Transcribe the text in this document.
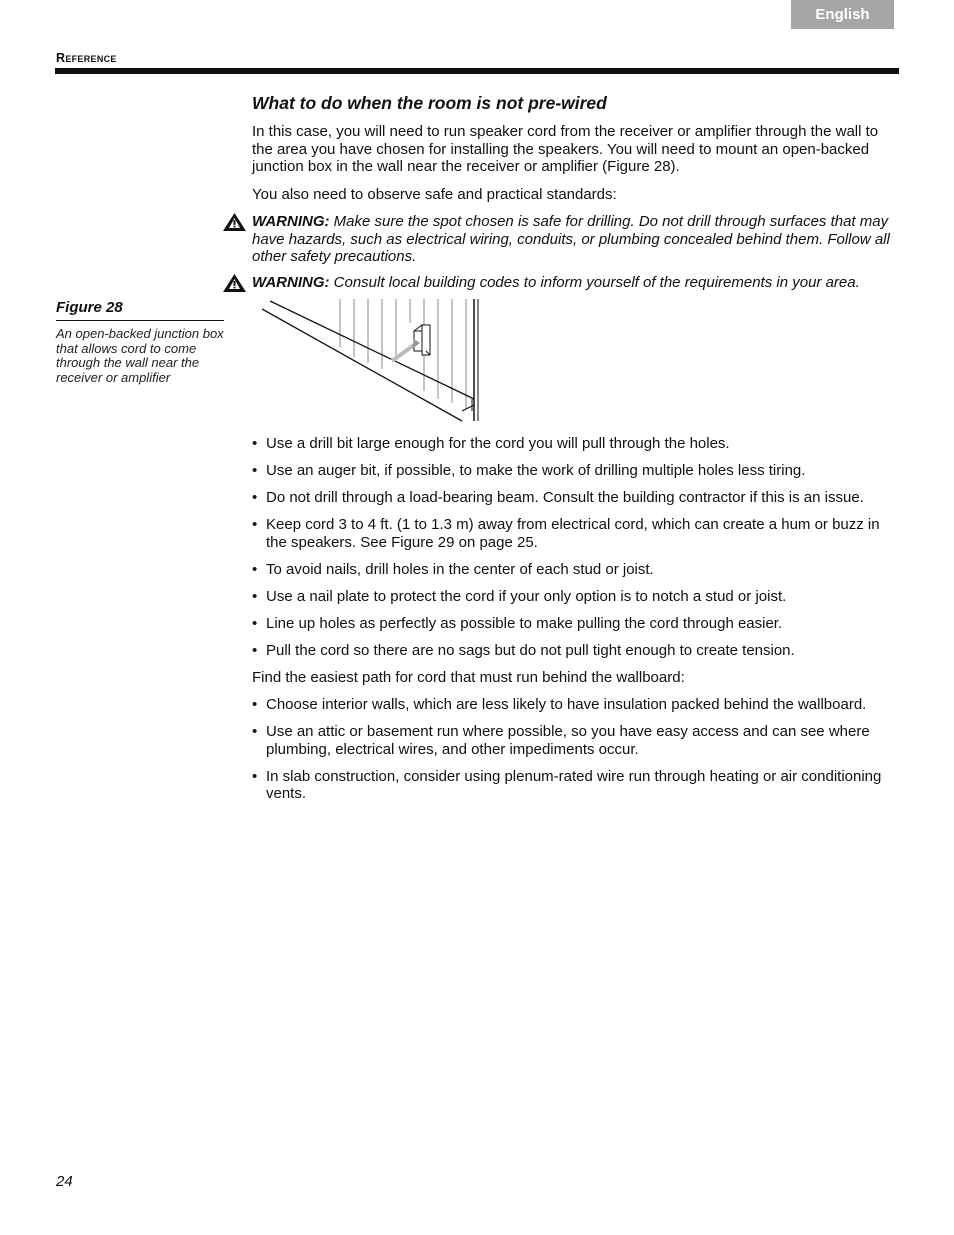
English
Reference
Figure 28
An open-backed junction box that allows cord to come through the wall near the receiver or amplifier
What to do when the room is not pre-wired
In this case, you will need to run speaker cord from the receiver or amplifier through the wall to the area you have chosen for installing the speakers. You will need to mount an open-backed junction box in the wall near the receiver or amplifier (Figure 28).
You also need to observe safe and practical standards:
WARNING: Make sure the spot chosen is safe for drilling. Do not drill through surfaces that may have hazards, such as electrical wiring, conduits, or plumbing concealed behind them. Follow all other safety precautions.
WARNING: Consult local building codes to inform yourself of the requirements in your area.
• Use a drill bit large enough for the cord you will pull through the holes.
• Use an auger bit, if possible, to make the work of drilling multiple holes less tiring.
• Do not drill through a load-bearing beam. Consult the building contractor if this is an issue.
• Keep cord 3 to 4 ft. (1 to 1.3 m) away from electrical cord, which can create a hum or buzz in the speakers. See Figure 29 on page 25.
• To avoid nails, drill holes in the center of each stud or joist.
• Use a nail plate to protect the cord if your only option is to notch a stud or joist.
• Line up holes as perfectly as possible to make pulling the cord through easier.
• Pull the cord so there are no sags but do not pull tight enough to create tension.
Find the easiest path for cord that must run behind the wallboard:
• Choose interior walls, which are less likely to have insulation packed behind the wallboard.
• Use an attic or basement run where possible, so you have easy access and can see where plumbing, electrical wires, and other impediments occur.
• In slab construction, consider using plenum-rated wire run through heating or air conditioning vents.
24
